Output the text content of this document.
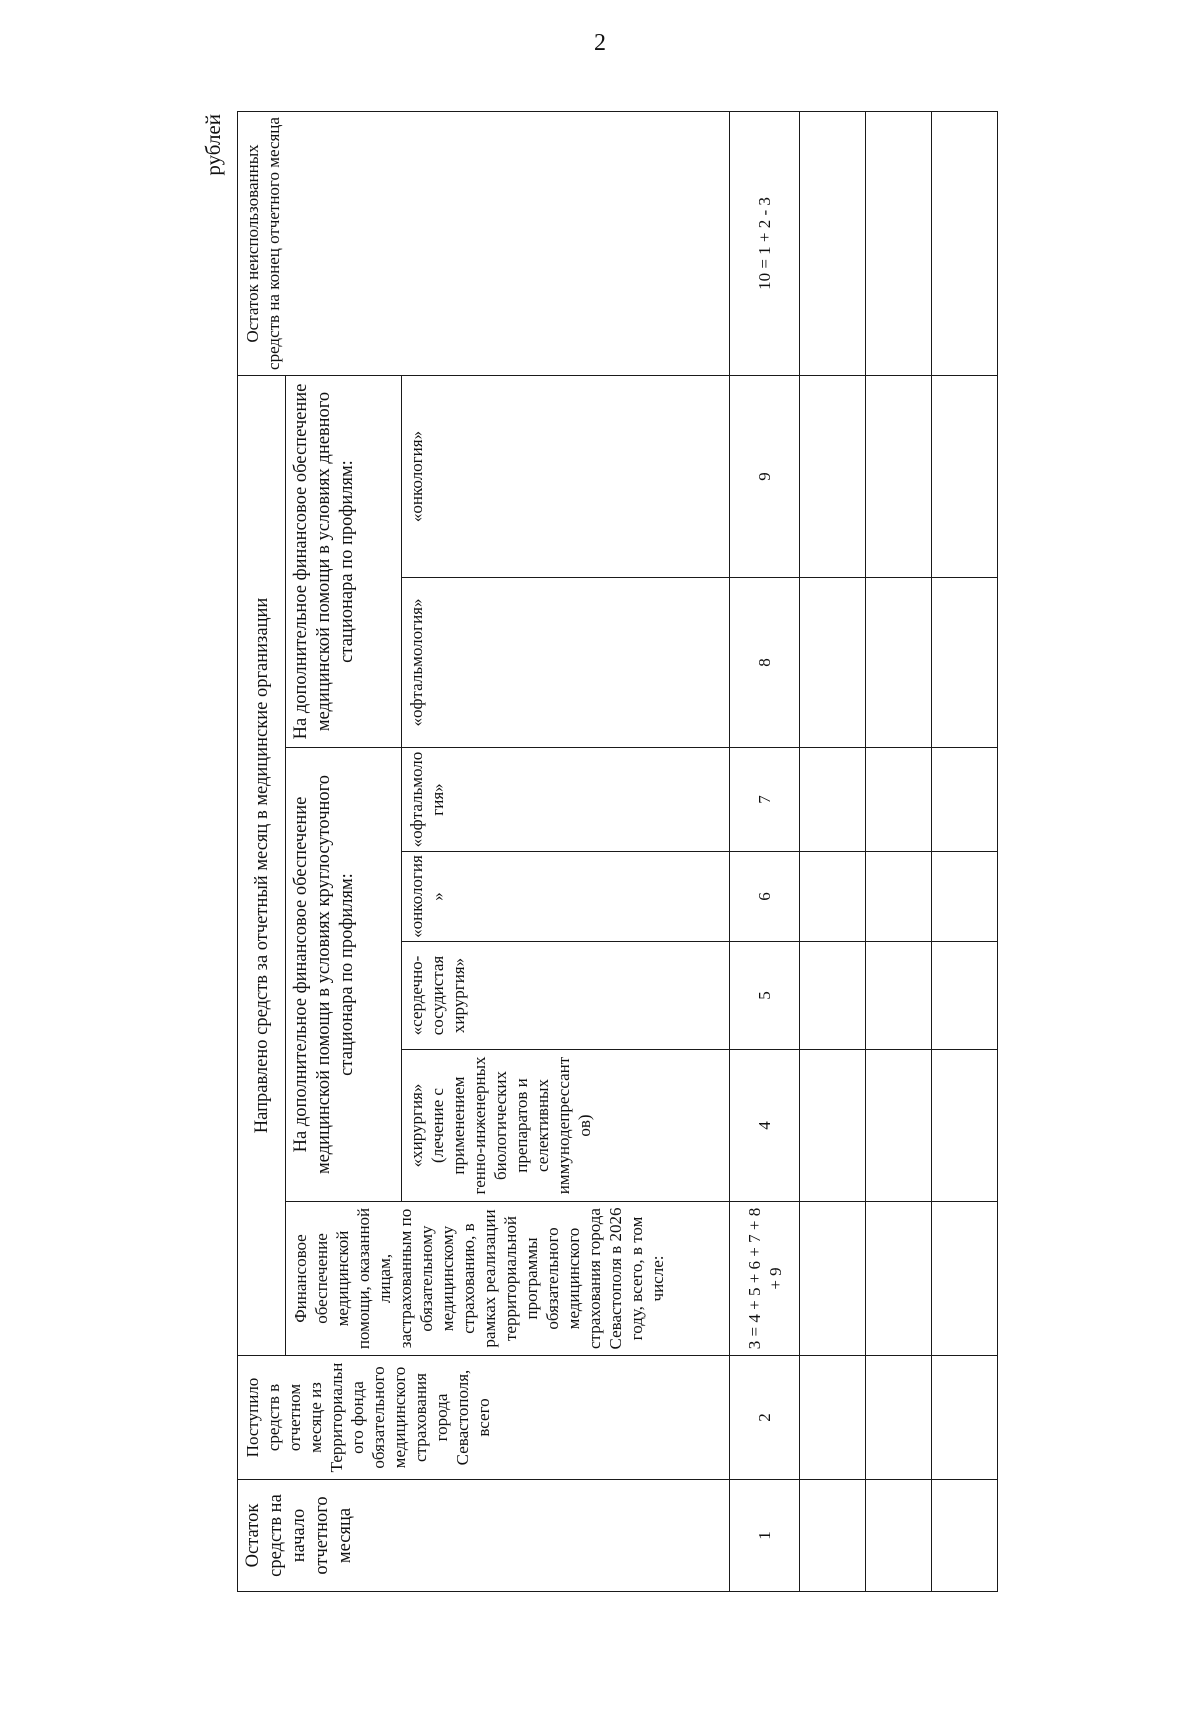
2
рублей
Остаток средств на начало отчетного месяца	Поступило средств в отчетном месяце из Территориального фонда обязательного медицинского страхования города Севастополя, всего	Направлено средств за отчетный месяц в медицинские организации							Остаток неиспользованных средств на конец отчетного месяца
		Финансовое обеспечение медицинской помощи, оказанной лицам, застрахованным по обязательному медицинскому страхованию, в рамках реализации территориальной программы обязательного медицинского страхования города Севастополя в 2026 году, всего, в том числе:	На дополнительное финансовое обеспечение медицинской помощи в условиях круглосуточного стационара по профилям:				На дополнительное финансовое обеспечение медицинской помощи в условиях дневного стационара по профилям:		
			«хирургия» (лечение с применением генно-инженерных биологических препаратов и селективных иммунодепрессантов)	«сердечно-сосудистая хирургия»	«онкология»	«офтальмология»	«офтальмология»	«онкология»	
1	2	3 = 4 + 5 + 6 + 7 + 8 + 9	4	5	6	7	8	9	10 = 1 + 2 - 3
